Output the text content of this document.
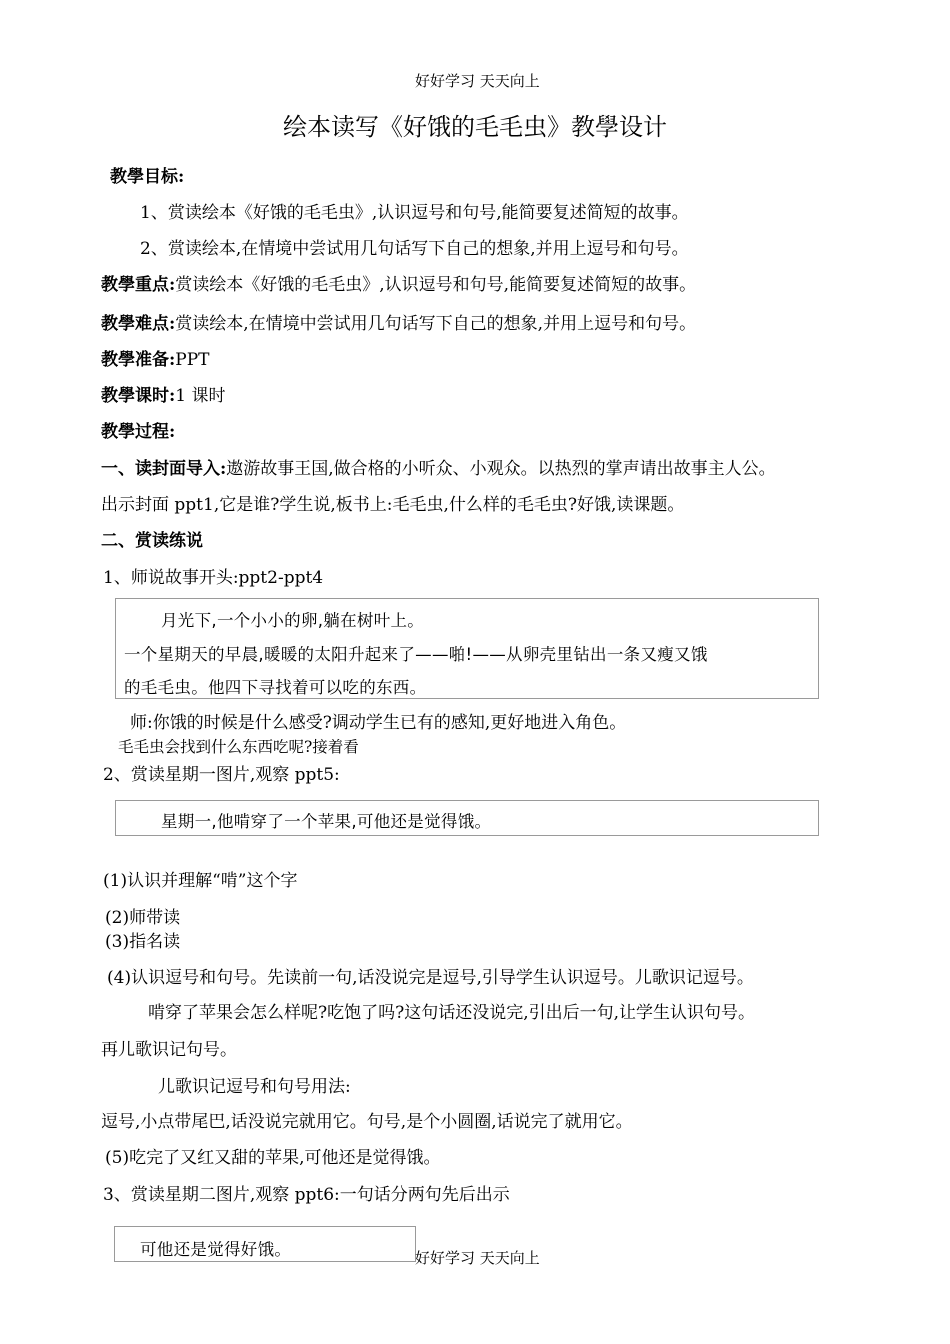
好好学习 天天向上
绘本读写《好饿的毛毛虫》教學设计
教學目标:
1、赏读绘本《好饿的毛毛虫》,认识逗号和句号,能简要复述简短的故事。
2、赏读绘本,在情境中尝试用几句话写下自己的想象,并用上逗号和句号。
教學重点:赏读绘本《好饿的毛毛虫》,认识逗号和句号,能简要复述简短的故事。
教學难点:赏读绘本,在情境中尝试用几句话写下自己的想象,并用上逗号和句号。
教學准备:PPT
教學课时:1 课时
教學过程:
一、读封面导入:遨游故事王国,做合格的小听众、小观众。以热烈的掌声请出故事主人公。
出示封面 ppt1,它是谁?学生说,板书上:毛毛虫,什么样的毛毛虫?好饿,读课题。
二、赏读练说
1、师说故事开头:ppt2-ppt4
月光下,一个小小的卵,躺在树叶上。
一个星期天的早晨,暖暖的太阳升起来了——啪!——从卵壳里钻出一条又瘦又饿
的毛毛虫。他四下寻找着可以吃的东西。
师:你饿的时候是什么感受?调动学生已有的感知,更好地进入角色。
毛毛虫会找到什么东西吃呢?接着看
2、赏读星期一图片,观察 ppt5:
星期一,他啃穿了一个苹果,可他还是觉得饿。
(1)认识并理解“啃”这个字
(2)师带读
(3)指名读
(4)认识逗号和句号。先读前一句,话没说完是逗号,引导学生认识逗号。儿歌识记逗号。
啃穿了苹果会怎么样呢?吃饱了吗?这句话还没说完,引出后一句,让学生认识句号。
再儿歌识记句号。
儿歌识记逗号和句号用法:
逗号,小点带尾巴,话没说完就用它。句号,是个小圆圈,话说完了就用它。
(5)吃完了又红又甜的苹果,可他还是觉得饿。
3、赏读星期二图片,观察 ppt6:一句话分两句先后出示
可他还是觉得好饿。	好好学习 天天向上
